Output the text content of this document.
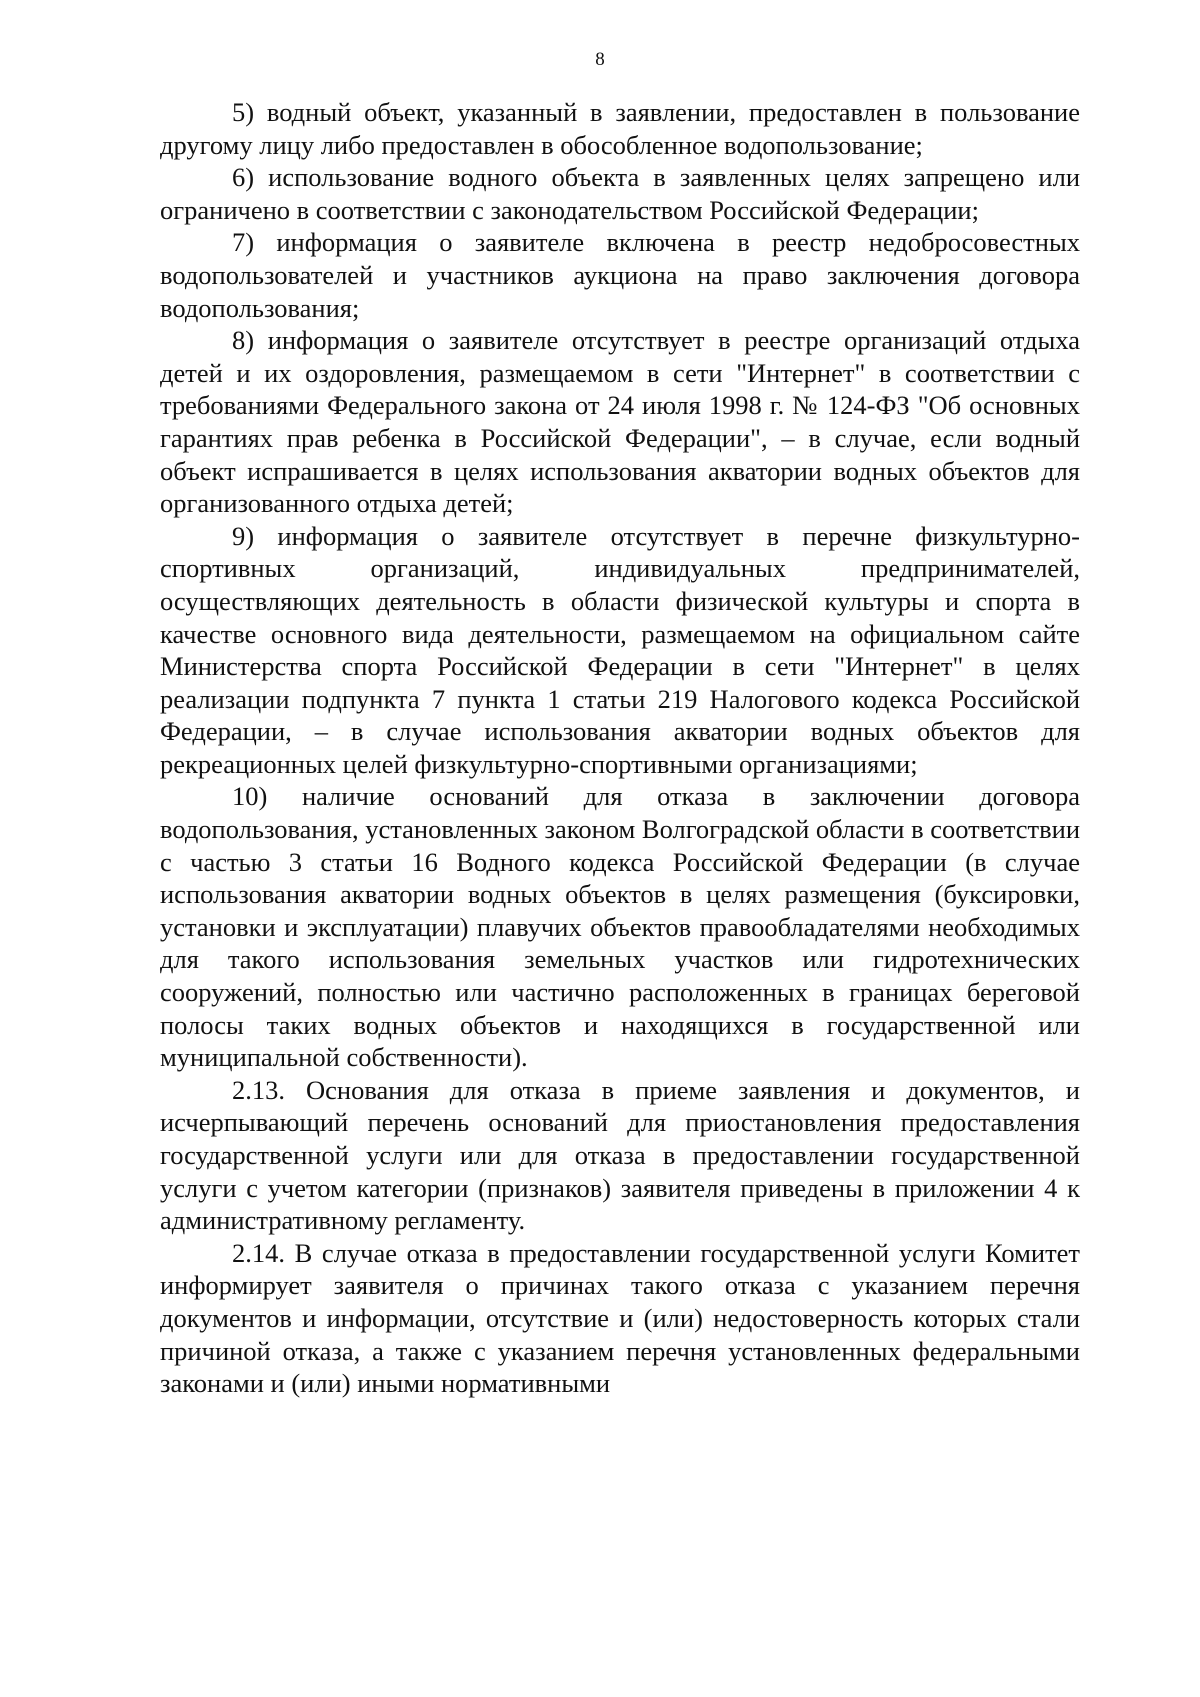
8

5) водный объект, указанный в заявлении, предоставлен в пользование другому лицу либо предоставлен в обособленное водопользование;

6) использование водного объекта в заявленных целях запрещено или ограничено в соответствии с законодательством Российской Федерации;

7) информация о заявителе включена в реестр недобросовестных водопользователей и участников аукциона на право заключения договора водопользования;

8) информация о заявителе отсутствует в реестре организаций отдыха детей и их оздоровления, размещаемом в сети "Интернет" в соответствии с требованиями Федерального закона от 24 июля 1998 г. № 124-ФЗ "Об основных гарантиях прав ребенка в Российской Федерации", – в случае, если водный объект испрашивается в целях использования акватории водных объектов для организованного отдыха детей;

9) информация о заявителе отсутствует в перечне физкультурно-спортивных организаций, индивидуальных предпринимателей, осуществляющих деятельность в области физической культуры и спорта в качестве основного вида деятельности, размещаемом на официальном сайте Министерства спорта Российской Федерации в сети "Интернет" в целях реализации подпункта 7 пункта 1 статьи 219 Налогового кодекса Российской Федерации, – в случае использования акватории водных объектов для рекреационных целей физкультурно-спортивными организациями;

10) наличие оснований для отказа в заключении договора водопользования, установленных законом Волгоградской области в соответствии с частью 3 статьи 16 Водного кодекса Российской Федерации (в случае использования акватории водных объектов в целях размещения (буксировки, установки и эксплуатации) плавучих объектов правообладателями необходимых для такого использования земельных участков или гидротехнических сооружений, полностью или частично расположенных в границах береговой полосы таких водных объектов и находящихся в государственной или муниципальной собственности).

2.13. Основания для отказа в приеме заявления и документов, и исчерпывающий перечень оснований для приостановления предоставления государственной услуги или для отказа в предоставлении государственной услуги с учетом категории (признаков) заявителя приведены в приложении 4 к административному регламенту.

2.14. В случае отказа в предоставлении государственной услуги Комитет информирует заявителя о причинах такого отказа с указанием перечня документов и информации, отсутствие и (или) недостоверность которых стали причиной отказа, а также с указанием перечня установленных федеральными законами и (или) иными нормативными
